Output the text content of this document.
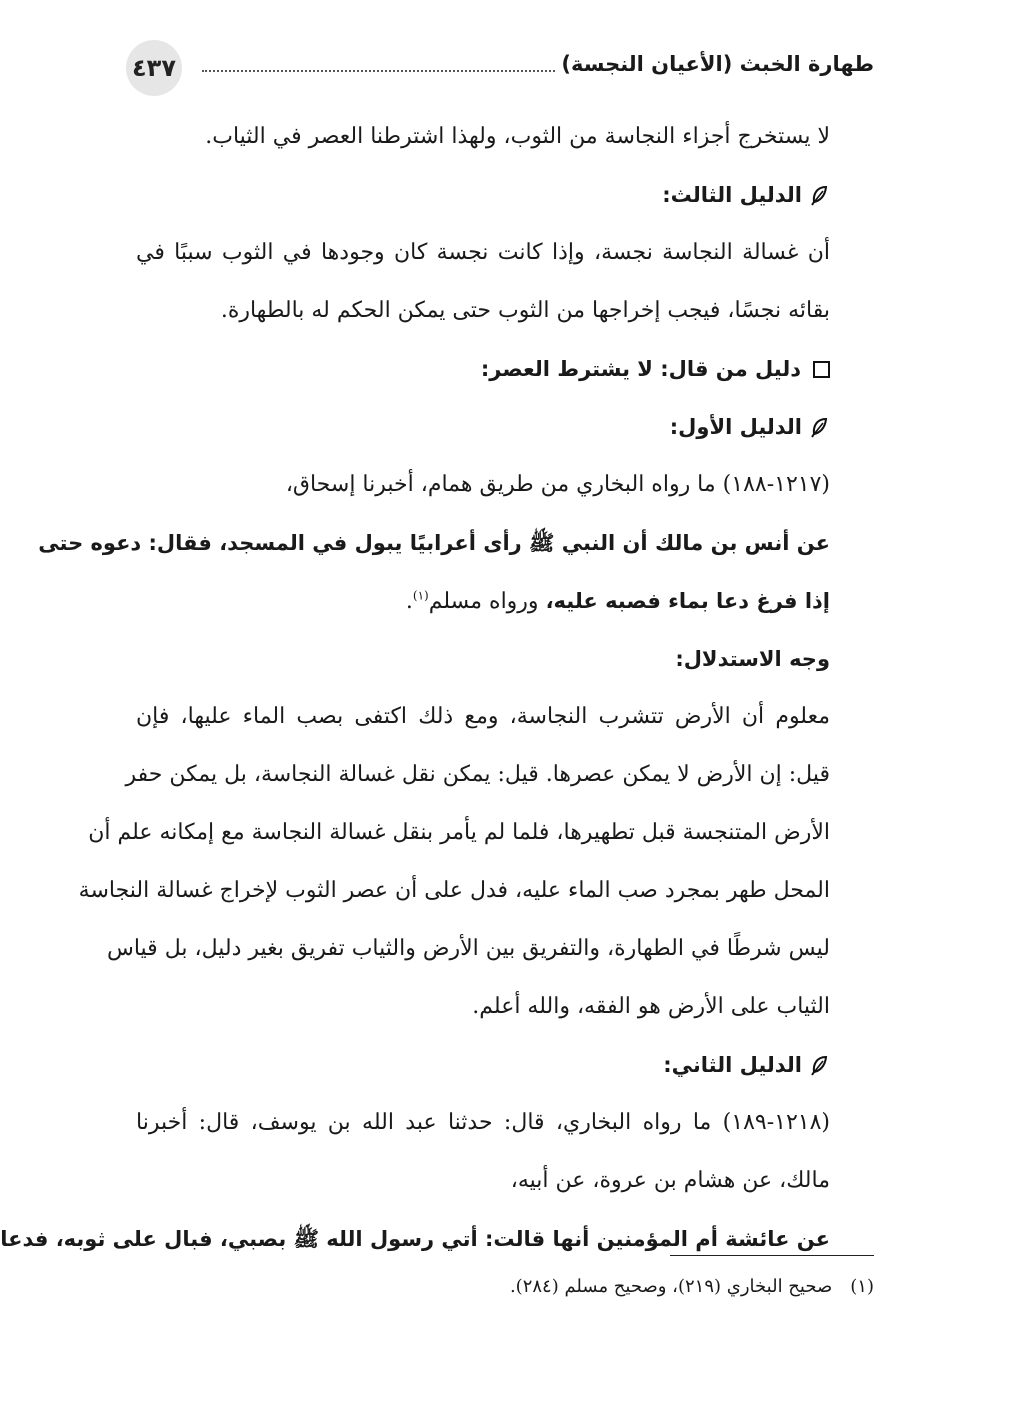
٤٣٧	طهارة الخبث (الأعيان النجسة)
لا يستخرج أجزاء النجاسة من الثوب، ولهذا اشترطنا العصر في الثياب.
الدليل الثالث:
أن غسالة النجاسة نجسة، وإذا كانت نجسة كان وجودها في الثوب سببًا في
بقائه نجسًا، فيجب إخراجها من الثوب حتى يمكن الحكم له بالطهارة.
دليل من قال: لا يشترط العصر:
الدليل الأول:
(١٢١٧-١٨٨) ما رواه البخاري من طريق همام، أخبرنا إسحاق،
عن أنس بن مالك أن النبي ﷺ رأى أعرابيًا يبول في المسجد، فقال: دعوه حتى
إذا فرغ دعا بماء فصبه عليه، ورواه مسلم$^{(١)}$.
وجه الاستدلال:
معلوم أن الأرض تتشرب النجاسة، ومع ذلك اكتفى بصب الماء عليها، فإن
قيل: إن الأرض لا يمكن عصرها. قيل: يمكن نقل غسالة النجاسة، بل يمكن حفر
الأرض المتنجسة قبل تطهيرها، فلما لم يأمر بنقل غسالة النجاسة مع إمكانه علم أن
المحل طهر بمجرد صب الماء عليه، فدل على أن عصر الثوب لإخراج غسالة النجاسة
ليس شرطًا في الطهارة، والتفريق بين الأرض والثياب تفريق بغير دليل، بل قياس
الثياب على الأرض هو الفقه، والله أعلم.
الدليل الثاني:
(١٢١٨-١٨٩) ما رواه البخاري، قال: حدثنا عبد الله بن يوسف، قال: أخبرنا
مالك، عن هشام بن عروة، عن أبيه،
عن عائشة أم المؤمنين أنها قالت: أتي رسول الله ﷺ بصبي، فبال على ثوبه، فدعا
(١)صحيح البخاري (٢١٩)، وصحيح مسلم (٢٨٤).
